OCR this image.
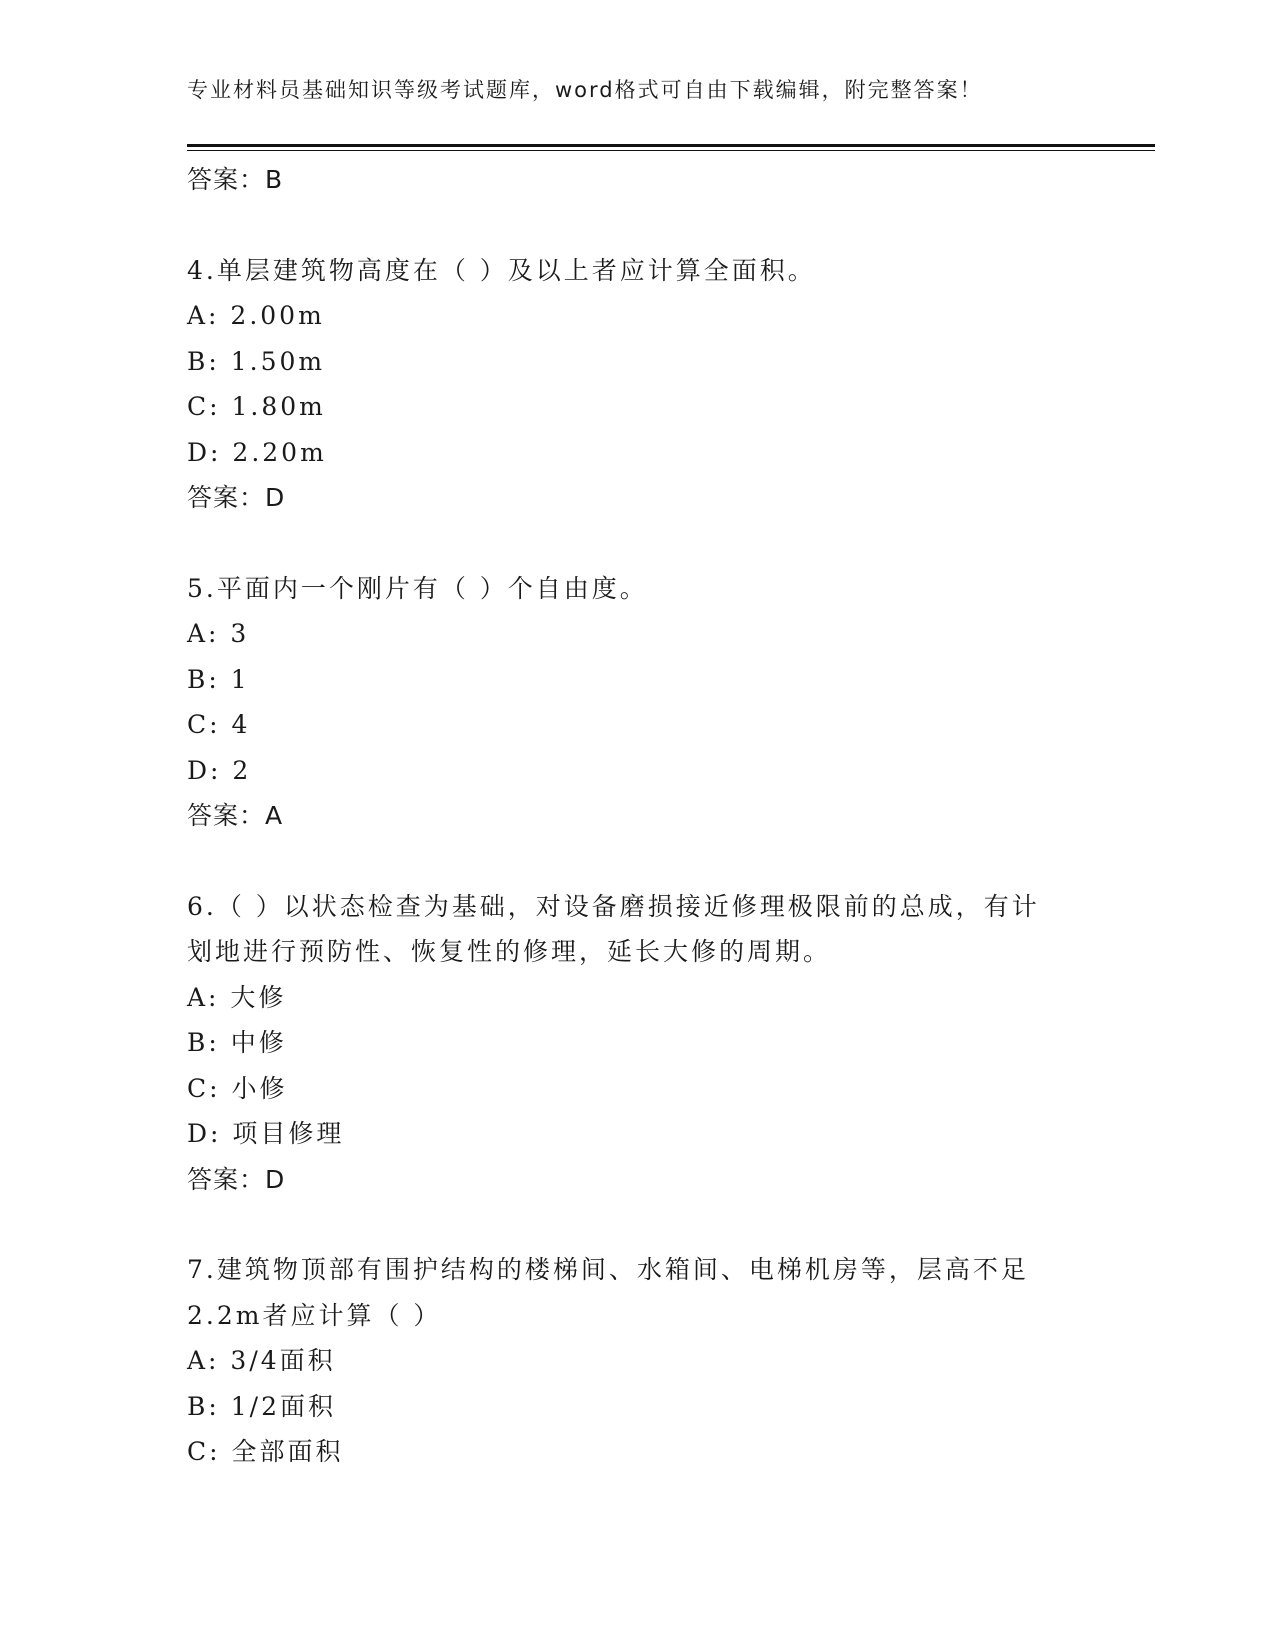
专业材料员基础知识等级考试题库，word格式可自由下载编辑，附完整答案！
答案：B
4.单层建筑物高度在（ ）及以上者应计算全面积。
A: 2.00m
B: 1.50m
C: 1.80m
D: 2.20m
答案：D
5.平面内一个刚片有（ ）个自由度。
A: 3
B: 1
C: 4
D: 2
答案：A
6.（ ）以状态检查为基础，对设备磨损接近修理极限前的总成，有计
划地进行预防性、恢复性的修理，延长大修的周期。
A: 大修
B: 中修
C: 小修
D: 项目修理
答案：D
7.建筑物顶部有围护结构的楼梯间、水箱间、电梯机房等，层高不足
2.2m者应计算（ ）
A: 3/4面积
B: 1/2面积
C: 全部面积
